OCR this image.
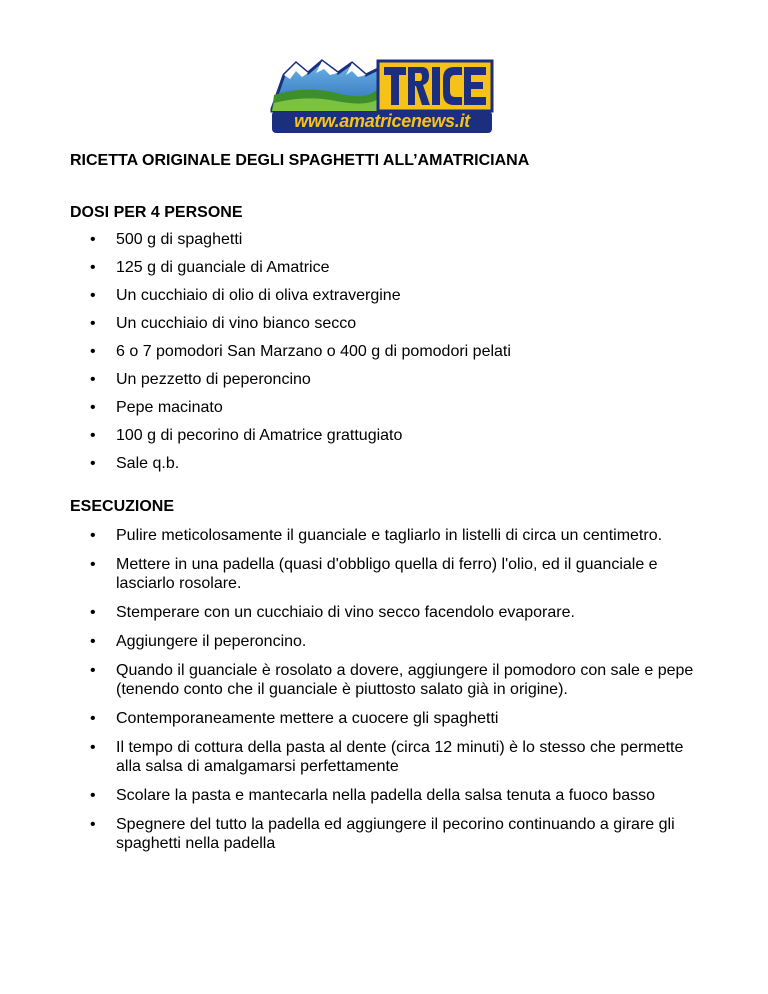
www.amatricenews.it
RICETTA ORIGINALE DEGLI SPAGHETTI ALL’AMATRICIANA
DOSI PER 4 PERSONE
• 500 g di spaghetti
• 125 g di guanciale di Amatrice
• Un cucchiaio di olio di oliva extravergine
• Un cucchiaio di vino bianco secco
• 6 o 7 pomodori San Marzano o 400 g di pomodori pelati
• Un pezzetto di peperoncino
• Pepe macinato
• 100 g di pecorino di Amatrice grattugiato
• Sale q.b.
ESECUZIONE
• Pulire meticolosamente il guanciale e tagliarlo in listelli di circa un centimetro.
• Mettere in una padella (quasi d'obbligo quella di ferro) l'olio, ed il guanciale e lasciarlo rosolare.
• Stemperare con un cucchiaio di vino secco facendolo evaporare.
• Aggiungere il peperoncino.
• Quando il guanciale è rosolato a dovere, aggiungere il pomodoro con sale e pepe (tenendo conto che il guanciale è piuttosto salato già in origine).
• Contemporaneamente mettere a cuocere gli spaghetti
• Il tempo di cottura della pasta al dente (circa 12 minuti) è lo stesso che permette alla salsa di amalgamarsi perfettamente
• Scolare la pasta e mantecarla nella padella della salsa tenuta a fuoco basso
• Spegnere del tutto la padella ed aggiungere il pecorino continuando a girare gli spaghetti nella padella
